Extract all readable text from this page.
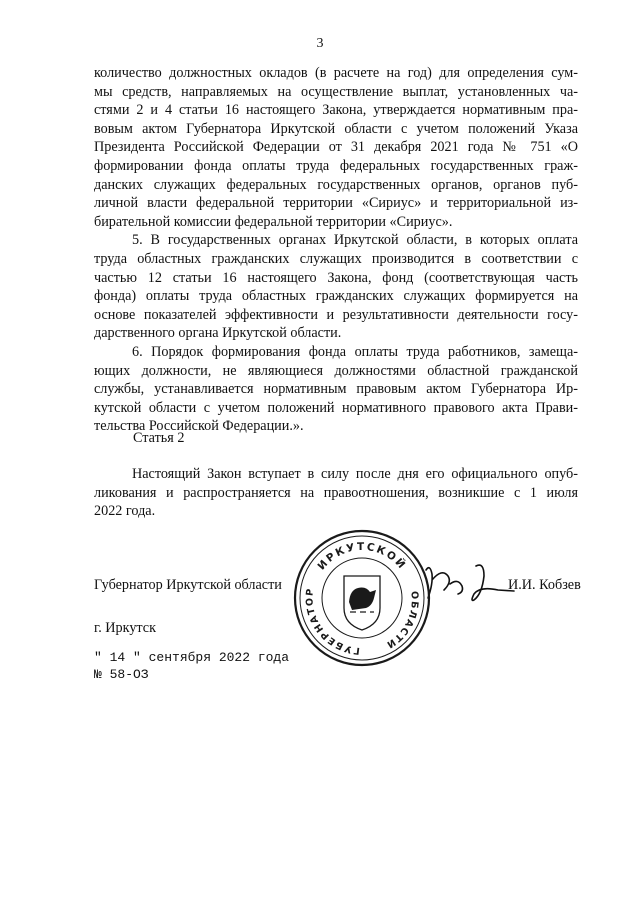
3
количество должностных окладов (в расчете на год) для определения сум-
мы средств, направляемых на осуществление выплат, установленных ча-
стями 2 и 4 статьи 16 настоящего Закона, утверждается нормативным пра-
вовым актом Губернатора Иркутской области с учетом положений Указа
Президента Российской Федерации от 31 декабря 2021 года № 751 «О
формировании фонда оплаты труда федеральных государственных граж-
данских служащих федеральных государственных органов, органов пуб-
личной власти федеральной территории «Сириус» и территориальной из-
бирательной комиссии федеральной территории «Сириус».
5. В государственных органах Иркутской области, в которых оплата
труда областных гражданских служащих производится в соответствии с
частью 12 статьи 16 настоящего Закона, фонд (соответствующая часть
фонда) оплаты труда областных гражданских служащих формируется на
основе показателей эффективности и результативности деятельности госу-
дарственного органа Иркутской области.
6. Порядок формирования фонда оплаты труда работников, замеща-
ющих должности, не являющиеся должностями областной гражданской
службы, устанавливается нормативным правовым актом Губернатора Ир-
кутской области с учетом положений нормативного правового акта Прави-
тельства Российской Федерации.».
Статья 2
Настоящий Закон вступает в силу после дня его официального опуб-
ликования и распространяется на правоотношения, возникшие с 1 июля
2022 года.
Губернатор Иркутской области	И.И. Кобзев
ИРКУТСКОЙ
ГУБЕРНАТОР	ОБЛАСТИ
г. Иркутск
" 14 " сентября 2022 года
№ 58-ОЗ
